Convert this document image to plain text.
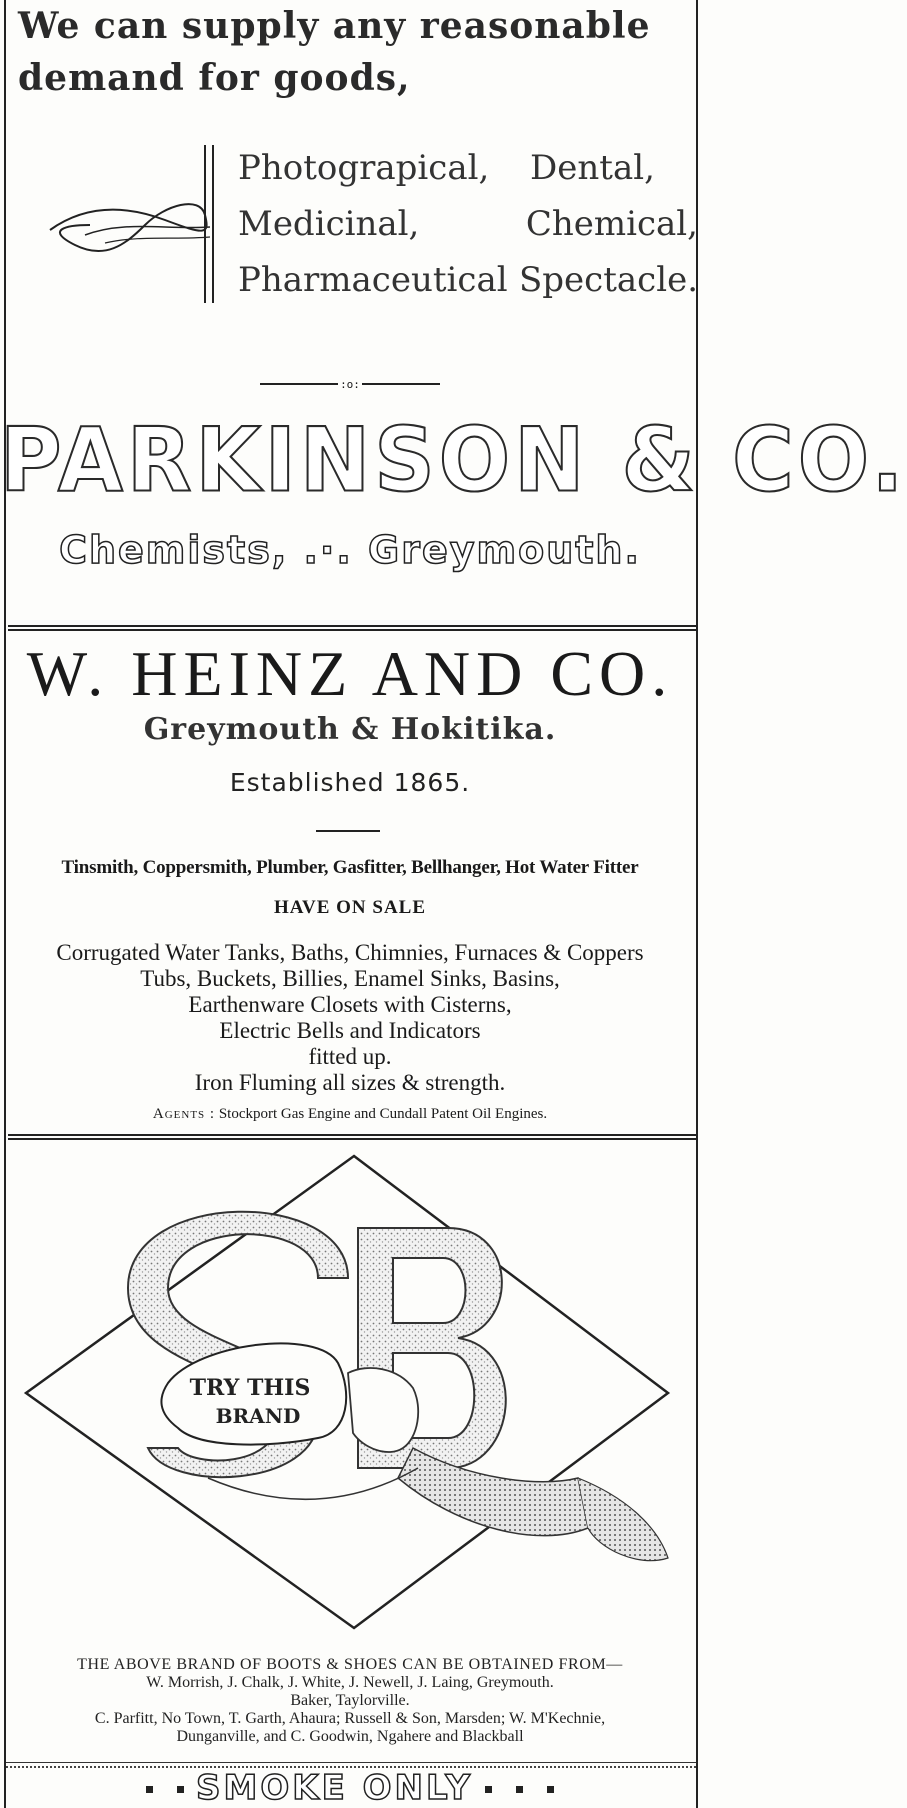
We can supply any reasonable
demand for goods,
Photograpical,	Dental,
Medicinal,	Chemical,
Pharmaceutical Spectacle.
:o:
PARKINSON & CO.
Chemists, .·. Greymouth.
W. HEINZ AND CO.
Greymouth & Hokitika.
Established 1865.
Tinsmith, Coppersmith, Plumber, Gasfitter, Bellhanger, Hot Water Fitter
HAVE ON SALE
Corrugated Water Tanks, Baths, Chimnies, Furnaces & Coppers
Tubs, Buckets, Billies, Enamel Sinks, Basins,
Earthenware Closets with Cisterns,
Electric Bells and Indicators
fitted up.
Iron Fluming all sizes & strength.
Agents : Stockport Gas Engine and Cundall Patent Oil Engines.
TRY THIS
BRAND
THE ABOVE BRAND OF BOOTS & SHOES CAN BE OBTAINED FROM—
W. Morrish, J. Chalk, J. White, J. Newell, J. Laing, Greymouth.
Baker, Taylorville.
C. Parfitt, No Town, T. Garth, Ahaura; Russell & Son, Marsden; W. M'Kechnie,
Dunganville, and C. Goodwin, Ngahere and Blackball
SMOKE ONLY
